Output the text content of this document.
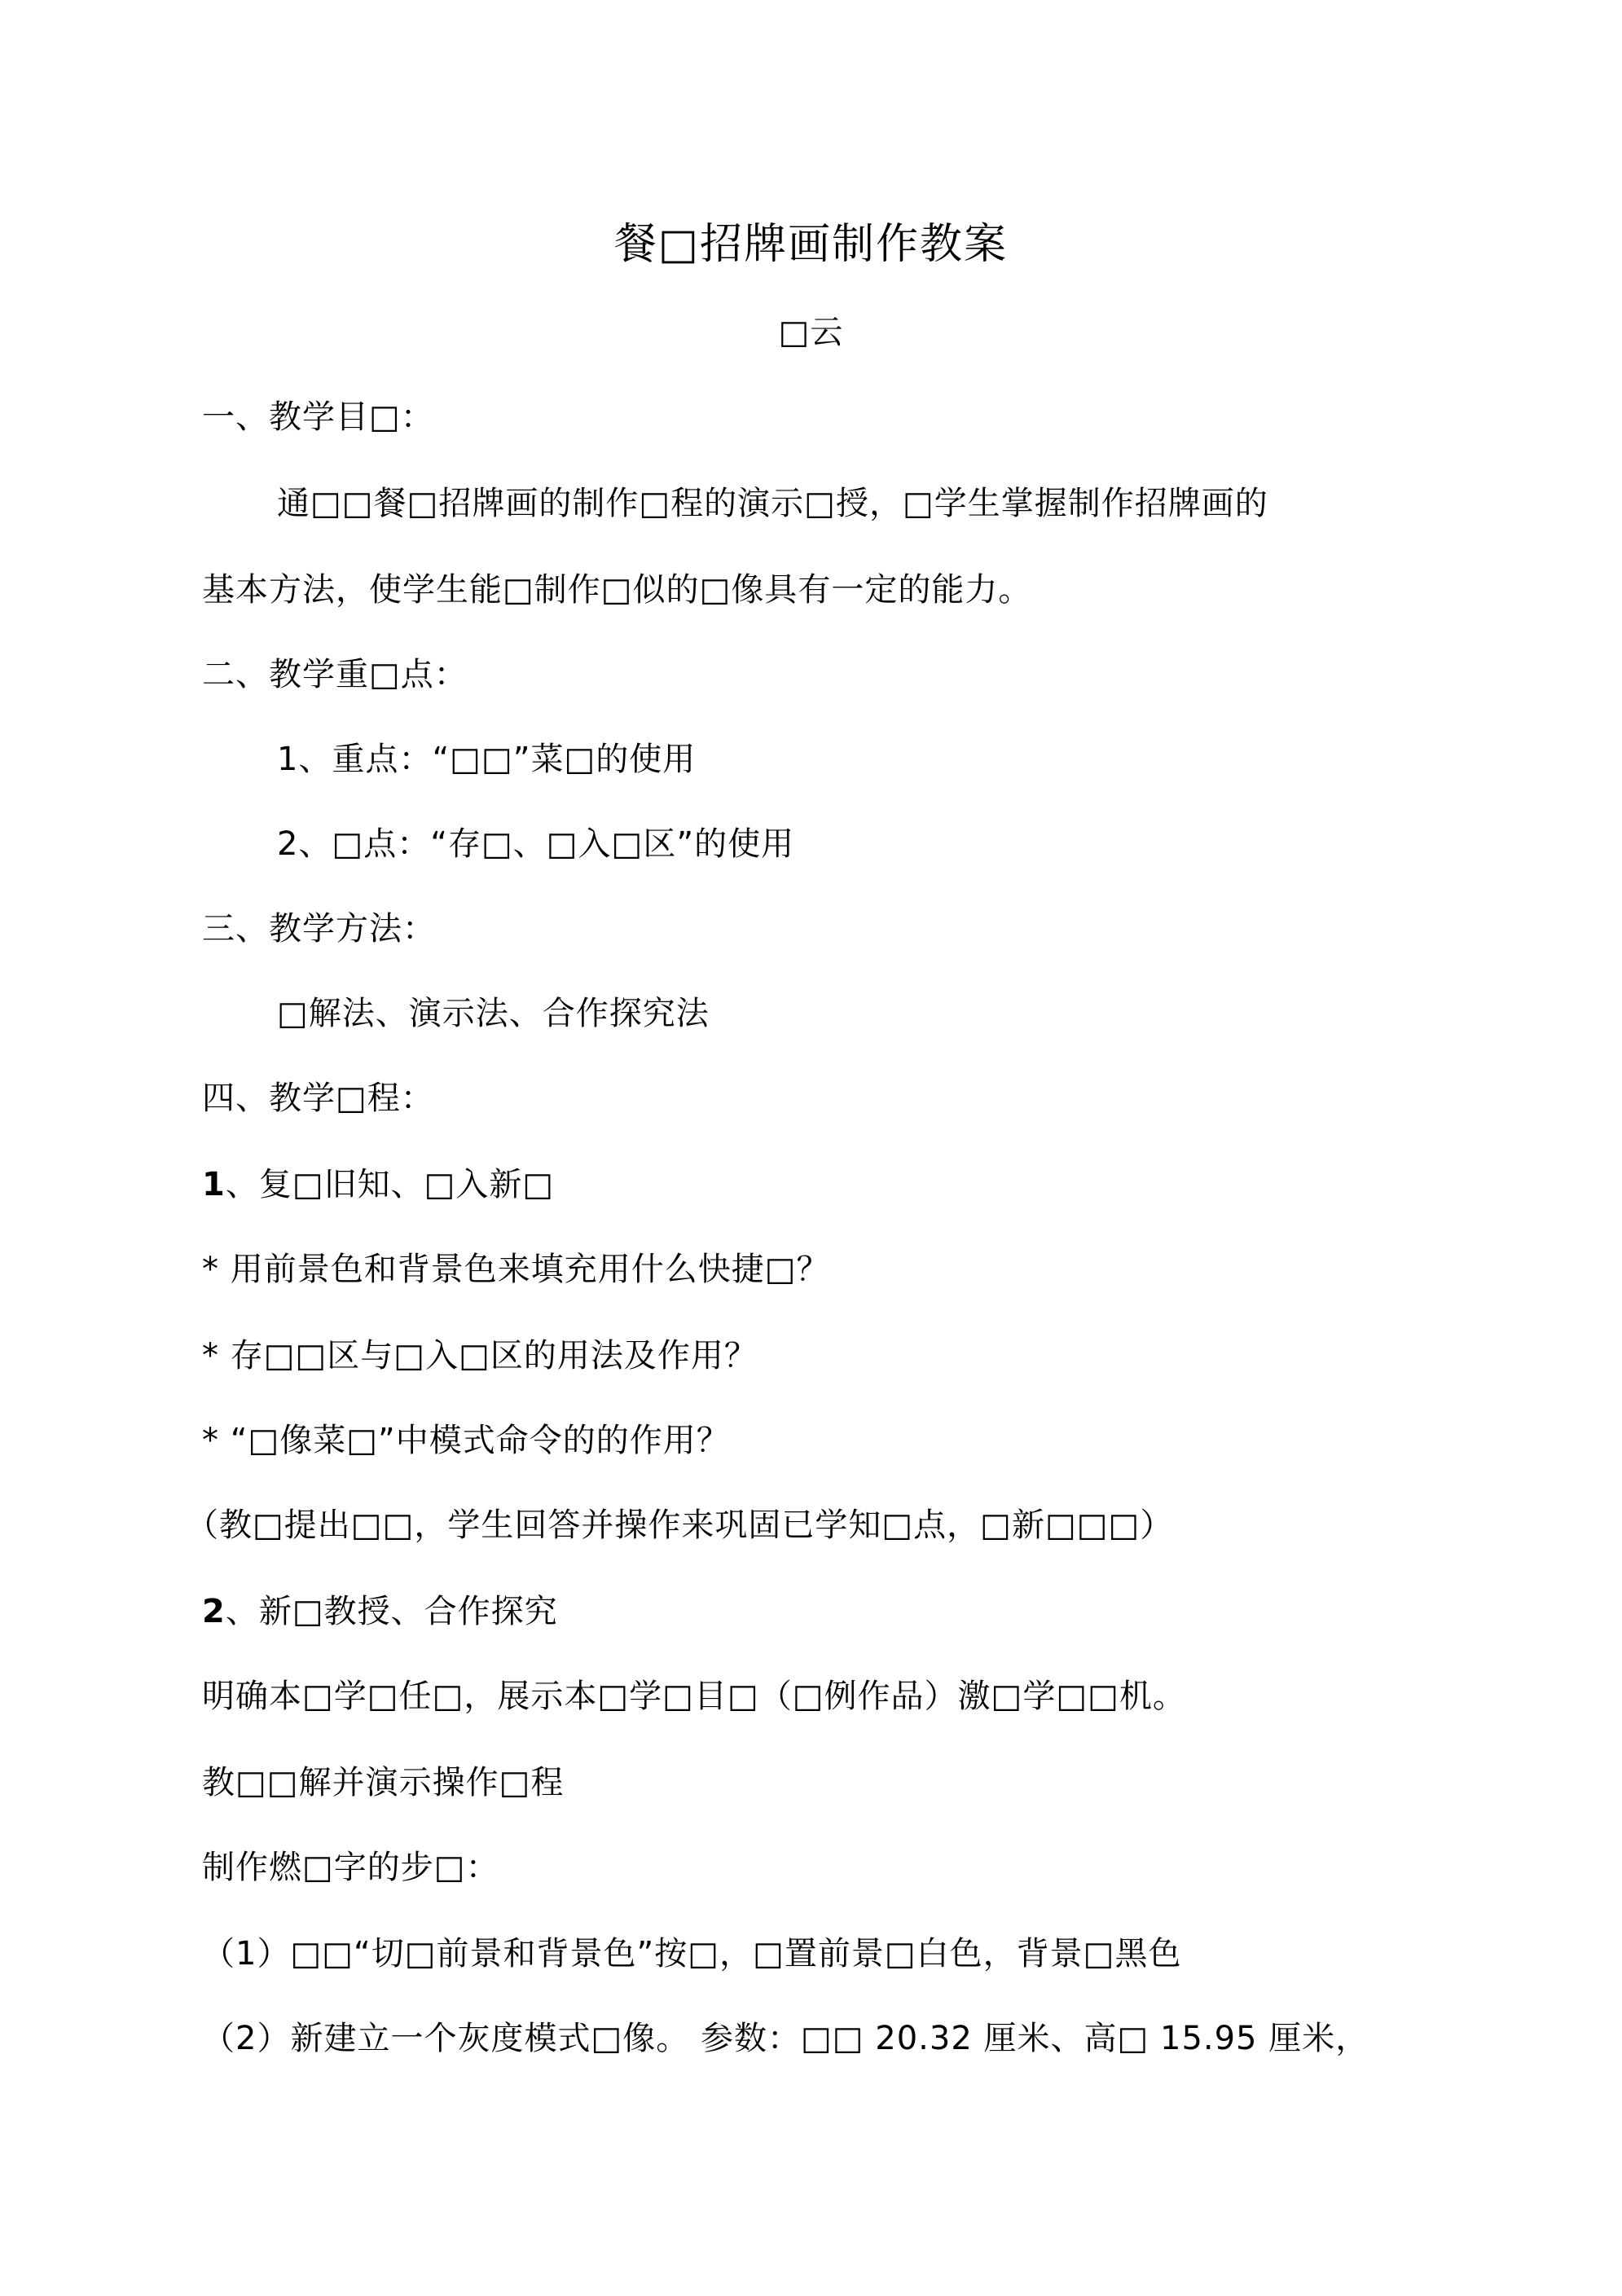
餐□招牌画制作教案
□云
一、教学目□：
通□□餐□招牌画的制作□程的演示□授，□学生掌握制作招牌画的
基本方法，使学生能□制作□似的□像具有一定的能力。
二、教学重□点：
1、重点：“□□”菜□的使用
2、□点：“存□、□入□区”的使用
三、教学方法：
□解法、演示法、合作探究法
四、教学□程：
1、复□旧知、□入新□
* 用前景色和背景色来填充用什么快捷□？
* 存□□区与□入□区的用法及作用？
* “□像菜□”中模式命令的的作用？
（教□提出□□，学生回答并操作来巩固已学知□点，□新□□□）
2、新□教授、合作探究
明确本□学□任□，展示本□学□目□（□例作品）激□学□□机。
教□□解并演示操作□程
制作燃□字的步□：
（1）□□“切□前景和背景色”按□，□置前景□白色，背景□黑色
（2）新建立一个灰度模式□像。 参数：□□ 20.32 厘米、高□ 15.95 厘米，
